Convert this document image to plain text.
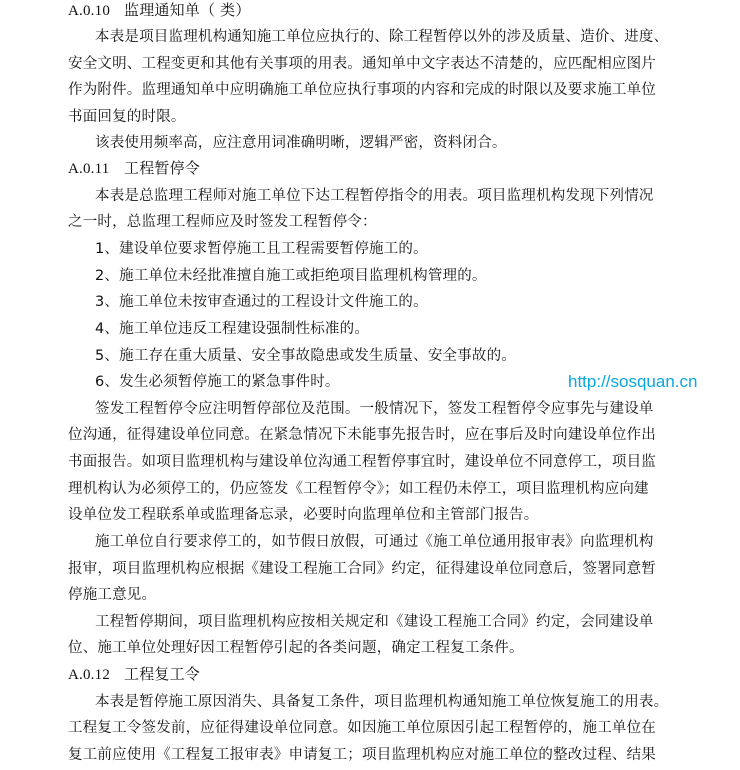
A.0.10 监理通知单（ 类）
本表是项目监理机构通知施工单位应执行的、除工程暂停以外的涉及质量、造价、进度、
安全文明、工程变更和其他有关事项的用表。通知单中文字表达不清楚的，应匹配相应图片
作为附件。监理通知单中应明确施工单位应执行事项的内容和完成的时限以及要求施工单位
书面回复的时限。
该表使用频率高，应注意用词准确明晰，逻辑严密，资料闭合。
A.0.11 工程暂停令
本表是总监理工程师对施工单位下达工程暂停指令的用表。项目监理机构发现下列情况
之一时，总监理工程师应及时签发工程暂停令：
1、建设单位要求暂停施工且工程需要暂停施工的。
2、施工单位未经批准擅自施工或拒绝项目监理机构管理的。
3、施工单位未按审查通过的工程设计文件施工的。
4、施工单位违反工程建设强制性标准的。
5、施工存在重大质量、安全事故隐患或发生质量、安全事故的。
6、发生必须暂停施工的紧急事件时。
签发工程暂停令应注明暂停部位及范围。一般情况下，签发工程暂停令应事先与建设单
位沟通，征得建设单位同意。在紧急情况下未能事先报告时，应在事后及时向建设单位作出
书面报告。如项目监理机构与建设单位沟通工程暂停事宜时，建设单位不同意停工，项目监
理机构认为必须停工的，仍应签发《工程暂停令》；如工程仍未停工，项目监理机构应向建
设单位发工程联系单或监理备忘录，必要时向监理单位和主管部门报告。
施工单位自行要求停工的，如节假日放假，可通过《施工单位通用报审表》向监理机构
报审，项目监理机构应根据《建设工程施工合同》约定，征得建设单位同意后，签署同意暂
停施工意见。
工程暂停期间，项目监理机构应按相关规定和《建设工程施工合同》约定，会同建设单
位、施工单位处理好因工程暂停引起的各类问题，确定工程复工条件。
A.0.12 工程复工令
本表是暂停施工原因消失、具备复工条件，项目监理机构通知施工单位恢复施工的用表。
工程复工令签发前，应征得建设单位同意。如因施工单位原因引起工程暂停的，施工单位在
复工前应使用《工程复工报审表》申请复工；项目监理机构应对施工单位的整改过程、结果
http://sosquan.cn
